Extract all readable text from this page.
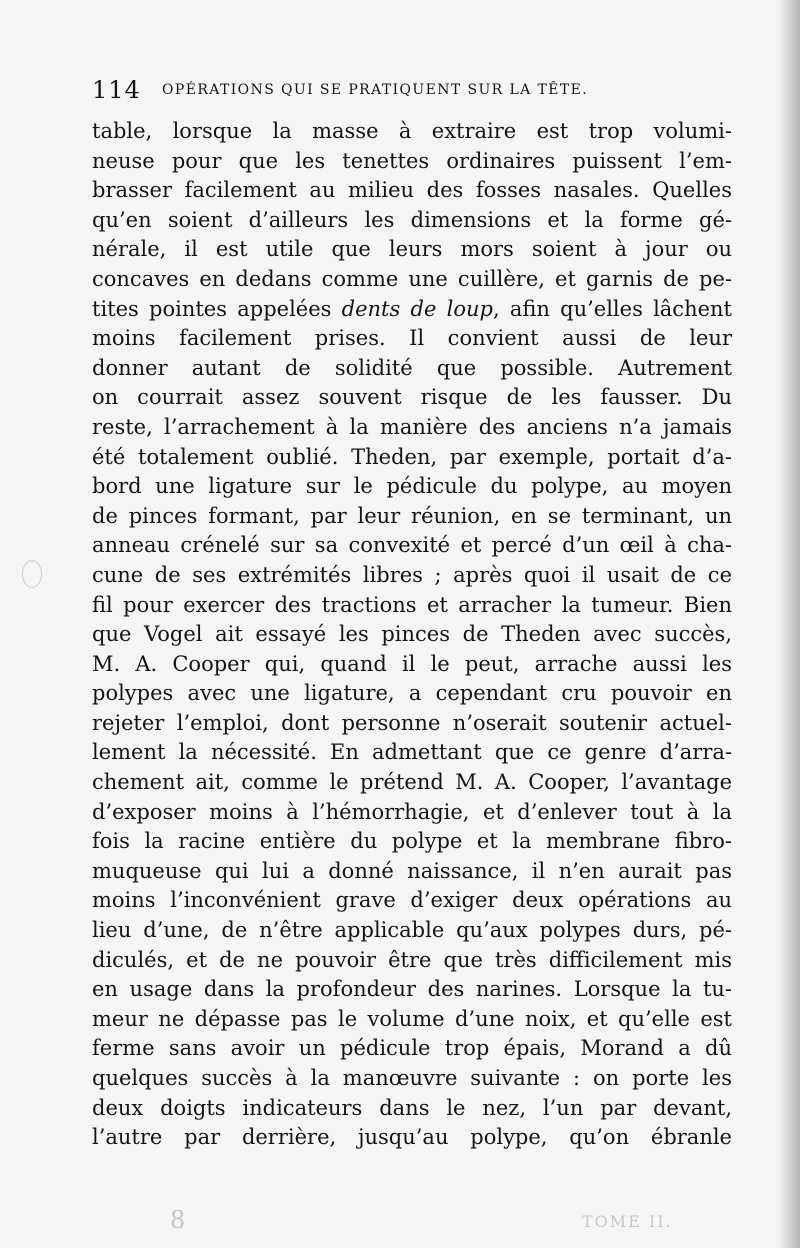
114 OPÉRATIONS QUI SE PRATIQUENT SUR LA TÊTE.
table, lorsque la masse à extraire est trop volumi-
neuse pour que les tenettes ordinaires puissent l’em-
brasser facilement au milieu des fosses nasales. Quelles
qu’en soient d’ailleurs les dimensions et la forme gé-
nérale, il est utile que leurs mors soient à jour ou
concaves en dedans comme une cuillère, et garnis de pe-
tites pointes appelées dents de loup, afin qu’elles lâchent
moins facilement prises. Il convient aussi de leur
donner autant de solidité que possible. Autrement
on courrait assez souvent risque de les fausser. Du
reste, l’arrachement à la manière des anciens n’a jamais
été totalement oublié. Theden, par exemple, portait d’a-
bord une ligature sur le pédicule du polype, au moyen
de pinces formant, par leur réunion, en se terminant, un
anneau crénelé sur sa convexité et percé d’un œil à cha-
cune de ses extrémités libres ; après quoi il usait de ce
fil pour exercer des tractions et arracher la tumeur. Bien
que Vogel ait essayé les pinces de Theden avec succès,
M. A. Cooper qui, quand il le peut, arrache aussi les
polypes avec une ligature, a cependant cru pouvoir en
rejeter l’emploi, dont personne n’oserait soutenir actuel-
lement la nécessité. En admettant que ce genre d’arra-
chement ait, comme le prétend M. A. Cooper, l’avantage
d’exposer moins à l’hémorrhagie, et d’enlever tout à la
fois la racine entière du polype et la membrane fibro-
muqueuse qui lui a donné naissance, il n’en aurait pas
moins l’inconvénient grave d’exiger deux opérations au
lieu d’une, de n’être applicable qu’aux polypes durs, pé-
diculés, et de ne pouvoir être que très difficilement mis
en usage dans la profondeur des narines. Lorsque la tu-
meur ne dépasse pas le volume d’une noix, et qu’elle est
ferme sans avoir un pédicule trop épais, Morand a dû
quelques succès à la manœuvre suivante : on porte les
deux doigts indicateurs dans le nez, l’un par devant,
l’autre par derrière, jusqu’au polype, qu’on ébranle
8	TOME II.
